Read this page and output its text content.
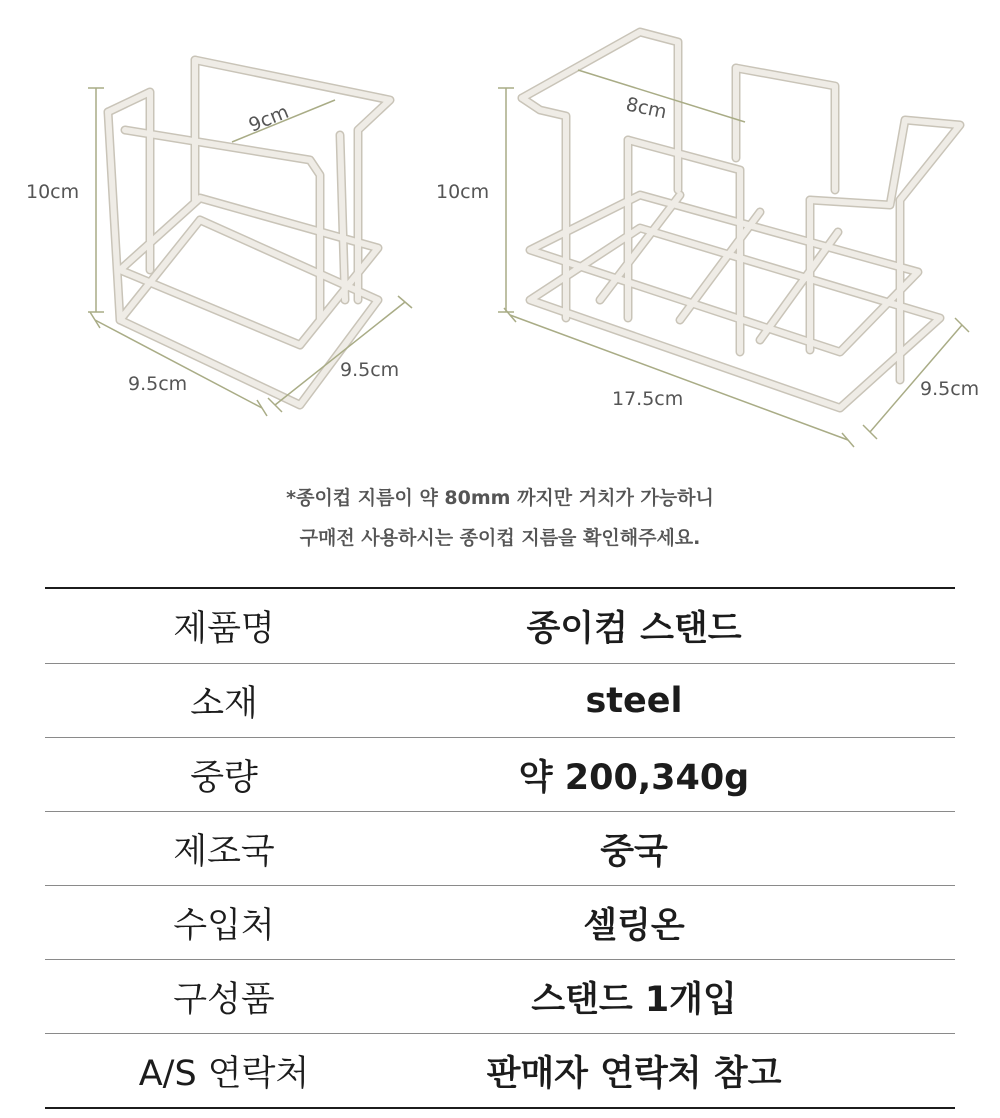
10cm
9cm
9.5cm
9.5cm
10cm
8cm
17.5cm	9.5cm
*종이컵 지름이 약 80mm 까지만 거치가 가능하니
구매전 사용하시는 종이컵 지름을 확인해주세요.
제품명	종이컴 스탠드
소재	steel
중량	약 200,340g
제조국	중국
수입처	셀링온
구성품	스탠드 1개입
A/S 연락처	판매자 연락처 참고
